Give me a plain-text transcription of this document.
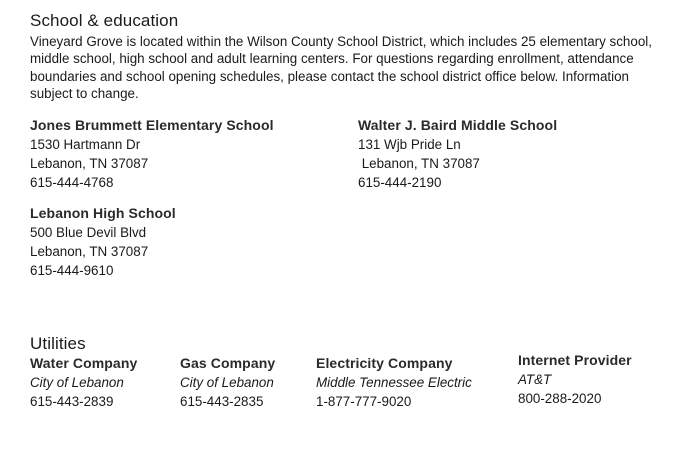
School & education

Vineyard Grove is located within the Wilson County School District, which includes 25 elementary school, middle school, high school and adult learning centers. For questions regarding enrollment, attendance boundaries and school opening schedules, please contact the school district office below. Information subject to change.

Jones Brummett Elementary School
1530 Hartmann Dr
Lebanon, TN 37087
615-444-4768
Walter J. Baird Middle School
131 Wjb Pride Ln
Lebanon, TN 37087
615-444-2190
Lebanon High School
500 Blue Devil Blvd
Lebanon, TN 37087
615-444-9610
Utilities
Water Company
City of Lebanon
615-443-2839
Gas Company
City of Lebanon
615-443-2835
Electricity Company
Middle Tennessee Electric
1-877-777-9020
Internet Provider
AT&T
800-288-2020
